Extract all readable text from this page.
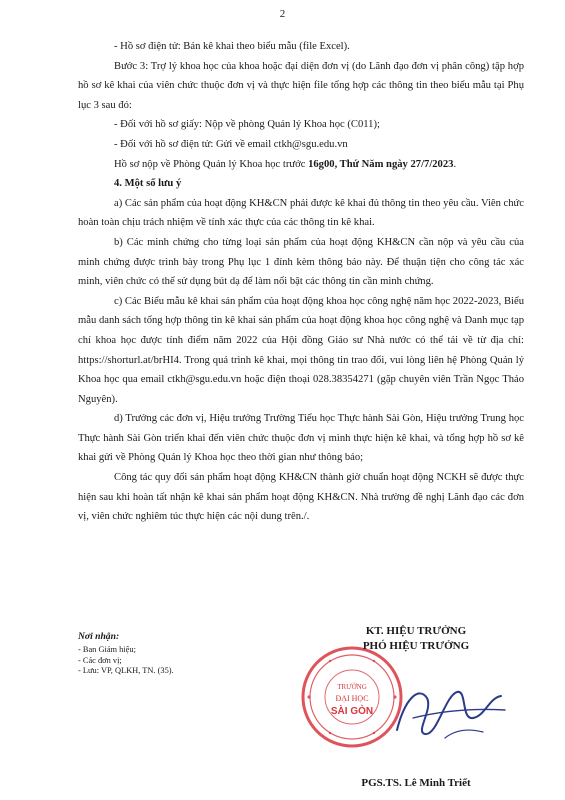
2

- Hồ sơ điện tử: Bản kê khai theo biểu mẫu (file Excel).

Bước 3: Trợ lý khoa học của khoa hoặc đại diện đơn vị (do Lãnh đạo đơn vị phân công) tập hợp hồ sơ kê khai của viên chức thuộc đơn vị và thực hiện file tổng hợp các thông tin theo biểu mẫu tại Phụ lục 3 sau đó:

- Đối với hồ sơ giấy: Nộp về phòng Quản lý Khoa học (C011);

- Đối với hồ sơ điện tử: Gửi về email ctkh@sgu.edu.vn

Hồ sơ nộp về Phòng Quản lý Khoa học trước 16g00, Thứ Năm ngày 27/7/2023.

4. Một số lưu ý

a) Các sản phẩm của hoạt động KH&CN phải được kê khai đủ thông tin theo yêu cầu. Viên chức hoàn toàn chịu trách nhiệm về tính xác thực của các thông tin kê khai.

b) Các minh chứng cho từng loại sản phẩm của hoạt động KH&CN cần nộp và yêu cầu của minh chứng được trình bày trong Phụ lục 1 đính kèm thông báo này. Để thuận tiện cho công tác xác minh, viên chức có thể sử dụng bút dạ để làm nổi bật các thông tin cần minh chứng.

c) Các Biểu mẫu kê khai sản phẩm của hoạt động khoa học công nghệ năm học 2022-2023, Biểu mẫu danh sách tổng hợp thông tin kê khai sản phẩm của hoạt động khoa học công nghệ và Danh mục tạp chí khoa học được tính điểm năm 2022 của Hội đồng Giáo sư Nhà nước có thể tải về từ địa chỉ: https://shorturl.at/brHI4. Trong quá trình kê khai, mọi thông tin trao đổi, vui lòng liên hệ Phòng Quản lý Khoa học qua email ctkh@sgu.edu.vn hoặc điện thoại 028.38354271 (gặp chuyên viên Trần Ngọc Thảo Nguyên).

d) Trưởng các đơn vị, Hiệu trưởng Trường Tiểu học Thực hành Sài Gòn, Hiệu trưởng Trung học Thực hành Sài Gòn triển khai đến viên chức thuộc đơn vị mình thực hiện kê khai, và tổng hợp hồ sơ kê khai gửi về Phòng Quản lý Khoa học theo thời gian như thông báo;

Công tác quy đổi sản phẩm hoạt động KH&CN thành giờ chuẩn hoạt động NCKH sẽ được thực hiện sau khi hoàn tất nhận kê khai sản phẩm hoạt động KH&CN. Nhà trường đề nghị Lãnh đạo các đơn vị, viên chức nghiêm túc thực hiện các nội dung trên./.

Nơi nhận:
- Ban Giám hiệu;
- Các đơn vị;
- Lưu: VP, QLKH, TN. (35).
TRƯỜNG
ĐẠI HỌC
SÀI GÒN
KT. HIỆU TRƯỞNG
PHÓ HIỆU TRƯỞNG
PGS.TS. Lê Minh Triết
